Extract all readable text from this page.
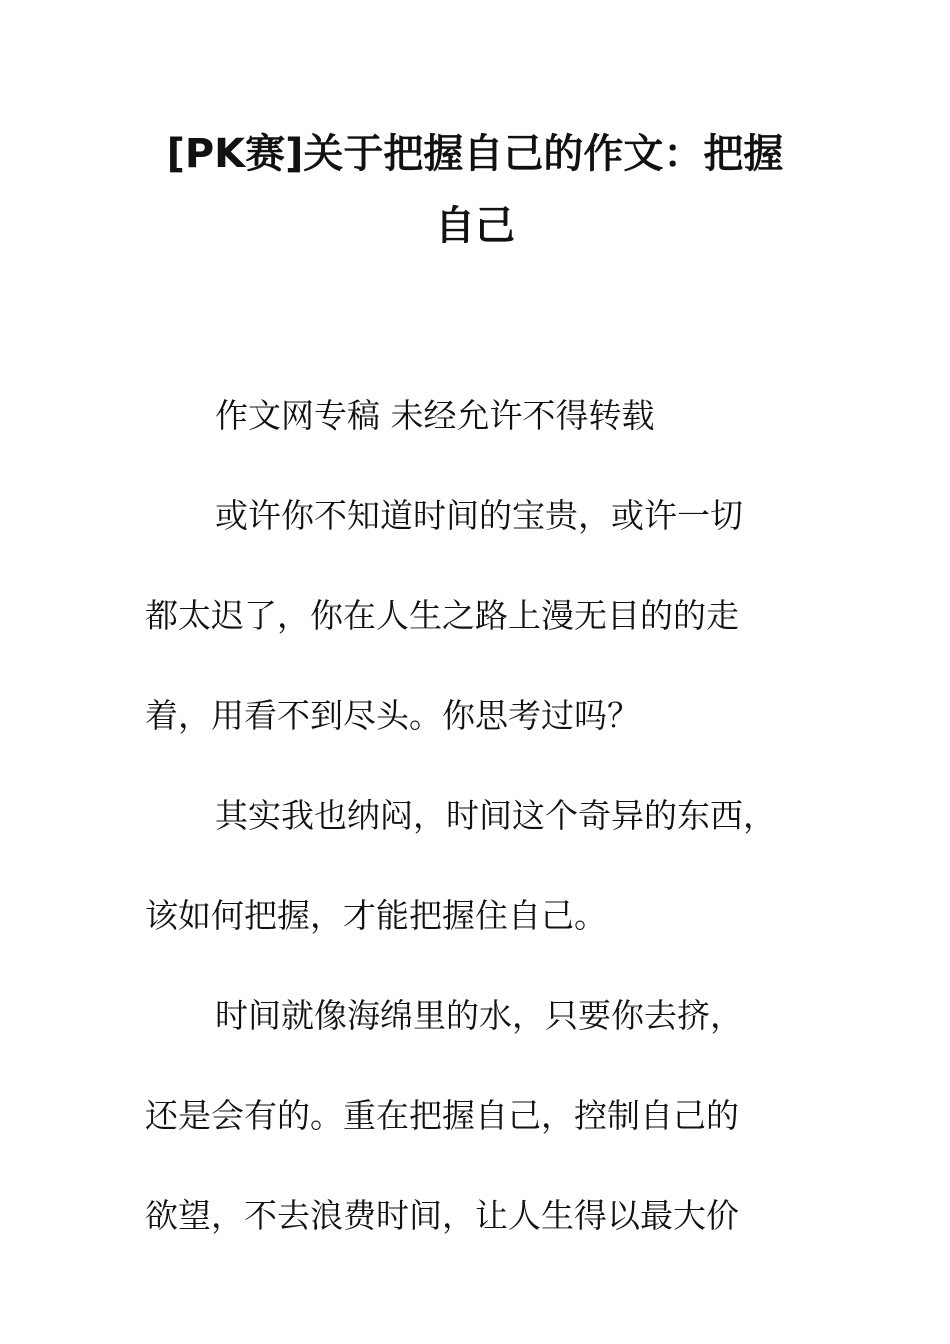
[PK赛]关于把握自己的作文：把握
自己
作文网专稿 未经允许不得转载
或许你不知道时间的宝贵，或许一切
都太迟了，你在人生之路上漫无目的的走
着，用看不到尽头。你思考过吗？
其实我也纳闷，时间这个奇异的东西，
该如何把握，才能把握住自己。
时间就像海绵里的水，只要你去挤，
还是会有的。重在把握自己，控制自己的
欲望，不去浪费时间，让人生得以最大价
